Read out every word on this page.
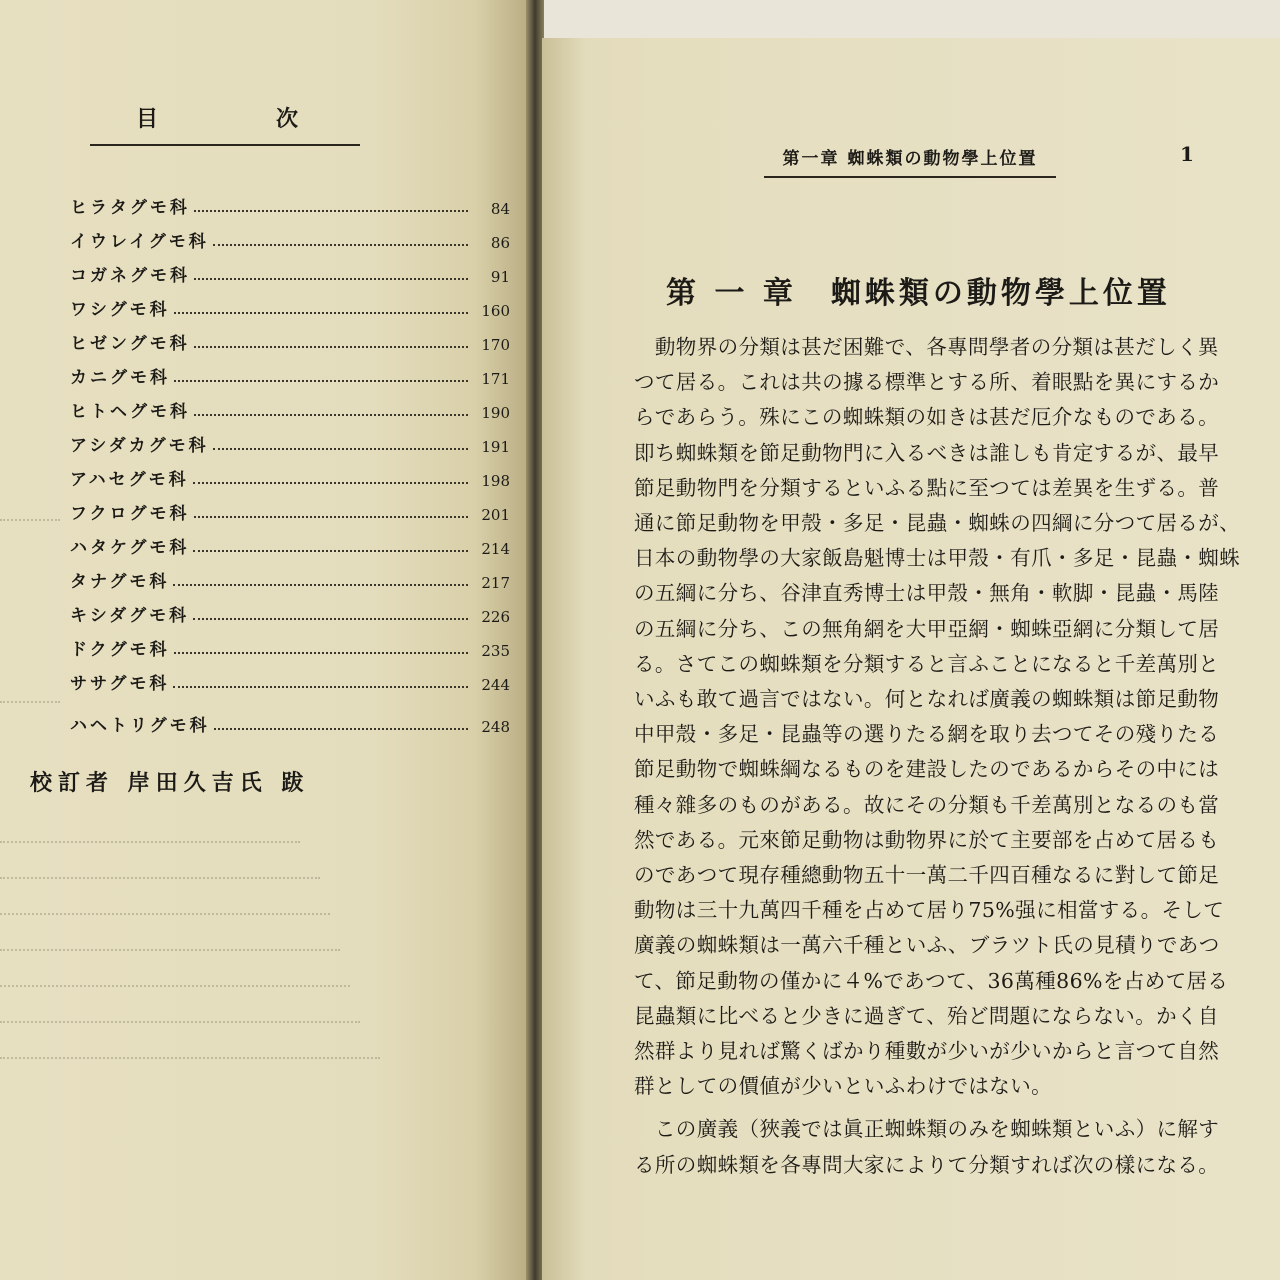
目	次
ヒラタグモ科	84
イウレイグモ科	86
コガネグモ科	91
ワシグモ科	160
ヒゼングモ科	170
カニグモ科	171
ヒトヘグモ科	190
アシダカグモ科	191
アハセグモ科	198
フクログモ科	201
ハタケグモ科	214
タナグモ科	217
キシダグモ科	226
ドクグモ科	235
ササグモ科	244
ハヘトリグモ科	248
校訂者 岸田久吉氏 跋
第一章 蜘蛛類の動物學上位置	1
第 一 章　蜘蛛類の動物學上位置

　動物界の分類は甚だ困難で、各專問學者の分類は甚だしく異
つて居る。これは共の據る標準とする所、着眼點を異にするか
らであらう。殊にこの蜘蛛類の如きは甚だ厄介なものである。
即ち蜘蛛類を節足動物門に入るべきは誰しも肯定するが、最早
節足動物門を分類するといふる點に至つては差異を生ずる。普
通に節足動物を甲殼・多足・昆蟲・蜘蛛の四綱に分つて居るが、
日本の動物學の大家飯島魁博士は甲殼・有爪・多足・昆蟲・蜘蛛
の五綱に分ち、谷津直秀博士は甲殼・無角・軟脚・昆蟲・馬陸
の五綱に分ち、この無角網を大甲亞網・蜘蛛亞網に分類して居
る。さてこの蜘蛛類を分類すると言ふことになると千差萬別と
いふも敢て過言ではない。何となれば廣義の蜘蛛類は節足動物
中甲殼・多足・昆蟲等の選りたる網を取り去つてその殘りたる
節足動物で蜘蛛綱なるものを建設したのであるからその中には
種々雜多のものがある。故にその分類も千差萬別となるのも當
然である。元來節足動物は動物界に於て主要部を占めて居るも
のであつて現存種總動物五十一萬二千四百種なるに對して節足
動物は三十九萬四千種を占めて居り75%强に相當する。そして
廣義の蜘蛛類は一萬六千種といふ、ブラツト氏の見積りであつ
て、節足動物の僅かに４%であつて、36萬種86%を占めて居る
昆蟲類に比べると少きに過ぎて、殆ど問題にならない。かく自
然群より見れば驚くばかり種數が少いが少いからと言つて自然
群としての價値が少いといふわけではない。

　この廣義（狹義では眞正蜘蛛類のみを蜘蛛類といふ）に解す
る所の蜘蛛類を各專問大家によりて分類すれば次の樣になる。
